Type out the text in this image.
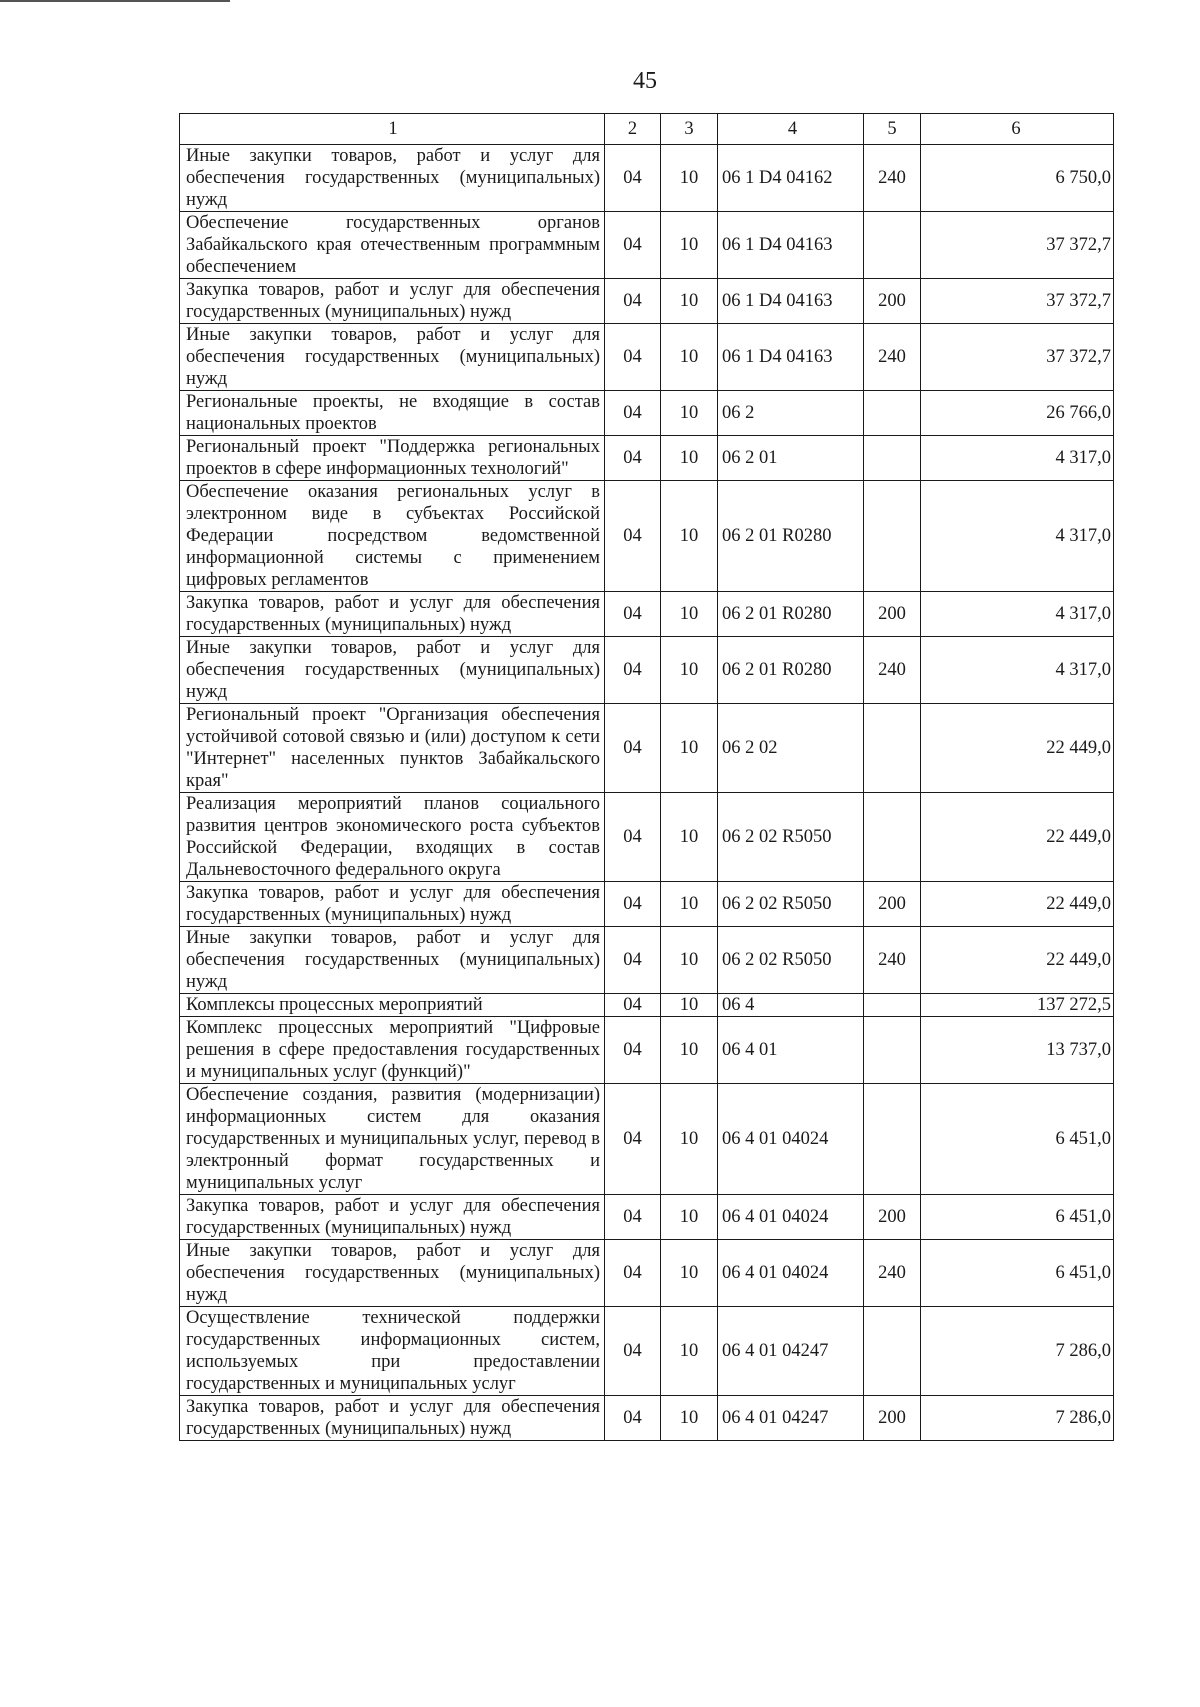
45
1	2	3	4	5	6
Иные закупки товаров, работ и услуг для обеспечения государственных (муниципальных) нужд	04	10	06 1 D4 04162	240	6 750,0
Обеспечение государственных органов Забайкальского края отечественным программным обеспечением	04	10	06 1 D4 04163		37 372,7
Закупка товаров, работ и услуг для обеспечения государственных (муниципальных) нужд	04	10	06 1 D4 04163	200	37 372,7
Иные закупки товаров, работ и услуг для обеспечения государственных (муниципальных) нужд	04	10	06 1 D4 04163	240	37 372,7
Региональные проекты, не входящие в состав национальных проектов	04	10	06 2		26 766,0
Региональный проект "Поддержка региональных проектов в сфере информационных технологий"	04	10	06 2 01		4 317,0
Обеспечение оказания региональных услуг в электронном виде в субъектах Российской Федерации посредством ведомственной информационной системы с применением цифровых регламентов	04	10	06 2 01 R0280		4 317,0
Закупка товаров, работ и услуг для обеспечения государственных (муниципальных) нужд	04	10	06 2 01 R0280	200	4 317,0
Иные закупки товаров, работ и услуг для обеспечения государственных (муниципальных) нужд	04	10	06 2 01 R0280	240	4 317,0
Региональный проект "Организация обеспечения устойчивой сотовой связью и (или) доступом к сети "Интернет" населенных пунктов Забайкальского края"	04	10	06 2 02		22 449,0
Реализация мероприятий планов социального развития центров экономического роста субъектов Российской Федерации, входящих в состав Дальневосточного федерального округа	04	10	06 2 02 R5050		22 449,0
Закупка товаров, работ и услуг для обеспечения государственных (муниципальных) нужд	04	10	06 2 02 R5050	200	22 449,0
Иные закупки товаров, работ и услуг для обеспечения государственных (муниципальных) нужд	04	10	06 2 02 R5050	240	22 449,0
Комплексы процессных мероприятий	04	10	06 4		137 272,5
Комплекс процессных мероприятий "Цифровые решения в сфере предоставления государственных и муниципальных услуг (функций)"	04	10	06 4 01		13 737,0
Обеспечение создания, развития (модернизации) информационных систем для оказания государственных и муниципальных услуг, перевод в электронный формат государственных и муниципальных услуг	04	10	06 4 01 04024		6 451,0
Закупка товаров, работ и услуг для обеспечения государственных (муниципальных) нужд	04	10	06 4 01 04024	200	6 451,0
Иные закупки товаров, работ и услуг для обеспечения государственных (муниципальных) нужд	04	10	06 4 01 04024	240	6 451,0
Осуществление технической поддержки государственных информационных систем, используемых при предоставлении государственных и муниципальных услуг	04	10	06 4 01 04247		7 286,0
Закупка товаров, работ и услуг для обеспечения государственных (муниципальных) нужд	04	10	06 4 01 04247	200	7 286,0
